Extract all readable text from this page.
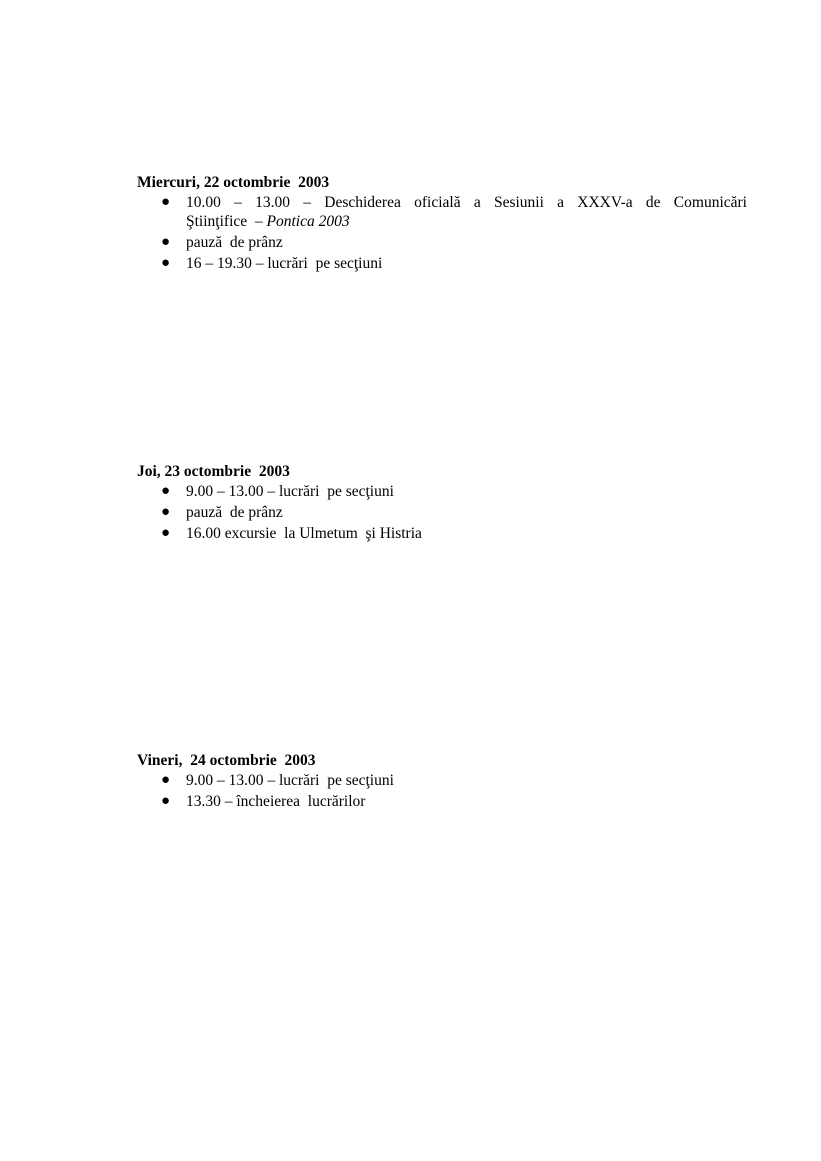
Miercuri, 22 octombrie  2003
● 10.00 – 13.00 – Deschiderea oficială a Sesiunii a XXXV-a de Comunicări
Ştiinţifice  – Pontica 2003
● pauză  de prânz
● 16 – 19.30 – lucrări  pe secţiuni
Joi, 23 octombrie  2003
● 9.00 – 13.00 – lucrări  pe secţiuni
● pauză  de prânz
● 16.00 excursie  la Ulmetum  şi Histria
Vineri,  24 octombrie  2003
● 9.00 – 13.00 – lucrări  pe secţiuni
● 13.30 – încheierea  lucrărilor
